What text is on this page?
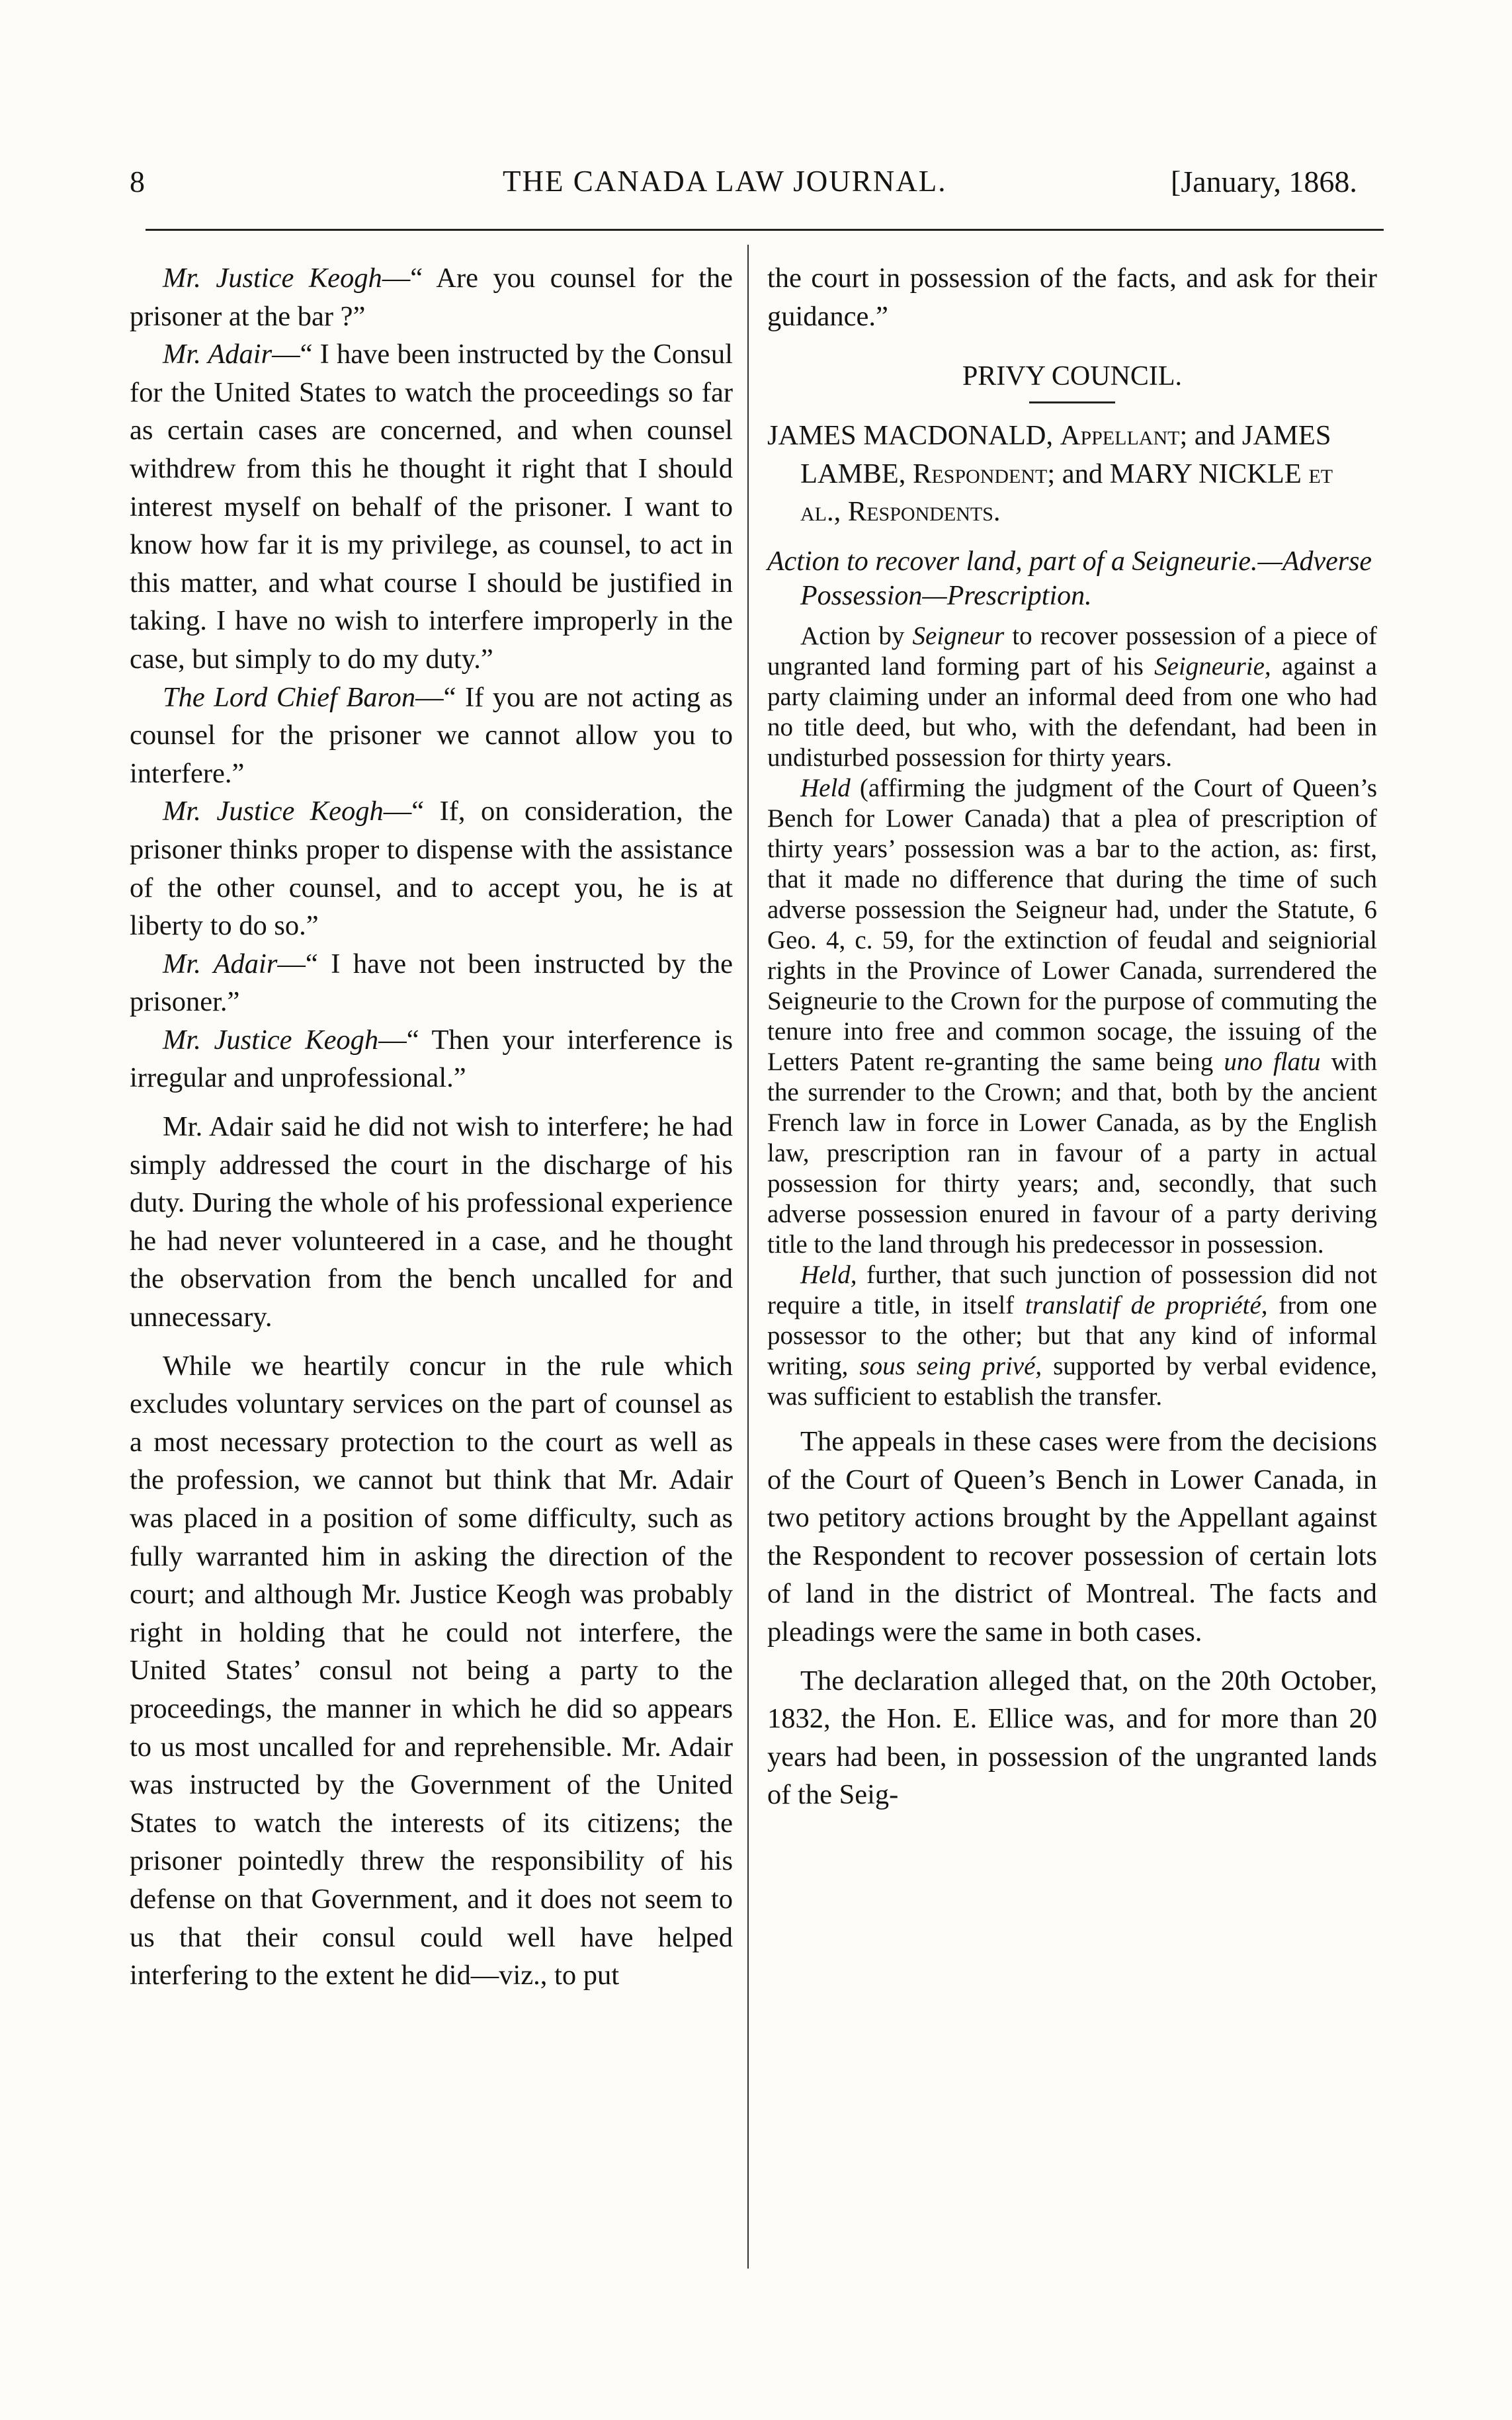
8	THE CANADA LAW JOURNAL.	[January, 1868.

Mr. Justice Keogh—“ Are you counsel for the prisoner at the bar ?”

Mr. Adair—“ I have been instructed by the Consul for the United States to watch the proceedings so far as certain cases are concerned, and when counsel withdrew from this he thought it right that I should interest myself on behalf of the prisoner. I want to know how far it is my privilege, as counsel, to act in this matter, and what course I should be justified in taking. I have no wish to interfere improperly in the case, but simply to do my duty.”

The Lord Chief Baron—“ If you are not acting as counsel for the prisoner we cannot allow you to interfere.”

Mr. Justice Keogh—“ If, on consideration, the prisoner thinks proper to dispense with the assistance of the other counsel, and to accept you, he is at liberty to do so.”

Mr. Adair—“ I have not been instructed by the prisoner.”

Mr. Justice Keogh—“ Then your interference is irregular and unprofessional.”

Mr. Adair said he did not wish to interfere; he had simply addressed the court in the discharge of his duty. During the whole of his professional experience he had never volunteered in a case, and he thought the observation from the bench uncalled for and unnecessary.

While we heartily concur in the rule which excludes voluntary services on the part of counsel as a most necessary protection to the court as well as the profession, we cannot but think that Mr. Adair was placed in a position of some difficulty, such as fully warranted him in asking the direction of the court; and although Mr. Justice Keogh was probably right in holding that he could not interfere, the United States’ consul not being a party to the proceedings, the manner in which he did so appears to us most uncalled for and reprehensible. Mr. Adair was instructed by the Government of the United States to watch the interests of its citizens; the prisoner pointedly threw the responsibility of his defense on that Government, and it does not seem to us that their consul could well have helped interfering to the extent he did—viz., to put

the court in possession of the facts, and ask for their guidance.”

PRIVY COUNCIL.

JAMES MACDONALD, Appellant; and JAMES LAMBE, Respondent; and MARY NICKLE et al., Respondents.

Action to recover land, part of a Seigneurie.—Adverse Possession—Prescription.

Action by Seigneur to recover possession of a piece of ungranted land forming part of his Seigneurie, against a party claiming under an informal deed from one who had no title deed, but who, with the defendant, had been in undisturbed possession for thirty years.

Held (affirming the judgment of the Court of Queen’s Bench for Lower Canada) that a plea of prescription of thirty years’ possession was a bar to the action, as: first, that it made no difference that during the time of such adverse possession the Seigneur had, under the Statute, 6 Geo. 4, c. 59, for the extinction of feudal and seigniorial rights in the Province of Lower Canada, surrendered the Seigneurie to the Crown for the purpose of commuting the tenure into free and common socage, the issuing of the Letters Patent re-granting the same being uno flatu with the surrender to the Crown; and that, both by the ancient French law in force in Lower Canada, as by the English law, prescription ran in favour of a party in actual possession for thirty years; and, secondly, that such adverse possession enured in favour of a party deriving title to the land through his predecessor in possession.

Held, further, that such junction of possession did not require a title, in itself translatif de propriété, from one possessor to the other; but that any kind of informal writing, sous seing privé, supported by verbal evidence, was sufficient to establish the transfer.

The appeals in these cases were from the decisions of the Court of Queen’s Bench in Lower Canada, in two petitory actions brought by the Appellant against the Respondent to recover possession of certain lots of land in the district of Montreal. The facts and pleadings were the same in both cases.

The declaration alleged that, on the 20th October, 1832, the Hon. E. Ellice was, and for more than 20 years had been, in possession of the ungranted lands of the Seig-
